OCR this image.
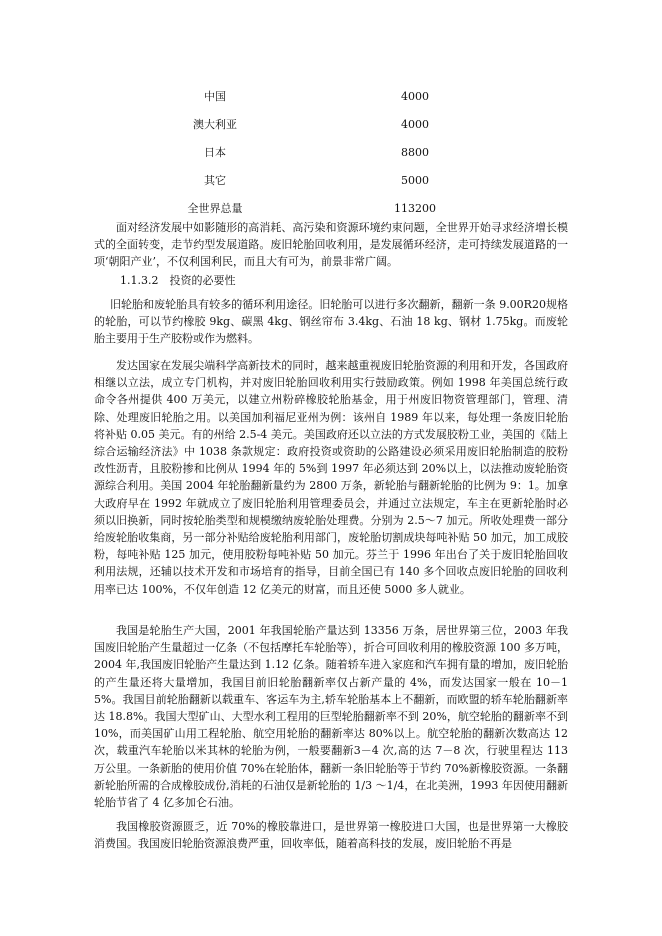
中国	4000
澳大利亚	4000
日本	8800
其它	5000
全世界总量	113200

面对经济发展中如影随形的高消耗、高污染和资源环境约束问题，全世界开始寻求经济增长模式的全面转变，走节约型发展道路。废旧轮胎回收利用，是发展循环经济，走可持续发展道路的一项‘朝阳产业’，不仅利国利民，而且大有可为，前景非常广阔。

1.1.3.2　投资的必要性

旧轮胎和废轮胎具有较多的循环利用途径。旧轮胎可以进行多次翻新，翻新一条 9.00R20规格的轮胎，可以节约橡胶 9kg、碳黑 4kg、钢丝帘布 3.4kg、石油 18 kg、钢材 1.75kg。而废轮胎主要用于生产胶粉或作为燃料。

发达国家在发展尖端科学高新技术的同时，越来越重视废旧轮胎资源的利用和开发，各国政府相继以立法，成立专门机构，并对废旧轮胎回收利用实行鼓励政策。例如 1998 年美国总统行政命令各州提供 400 万美元，以建立州粉碎橡胶轮胎基金，用于州废旧物资管理部门，管理、清除、处理废旧轮胎之用。以美国加利福尼亚州为例：该州自 1989 年以来，每处理一条废旧轮胎将补贴 0.05 美元。有的州给 2.5-4 美元。美国政府还以立法的方式发展胶粉工业，美国的《陆上综合运输经济法》中 1038 条款规定：政府投资或资助的公路建设必须采用废旧轮胎制造的胶粉改性沥青，且胶粉掺和比例从 1994 年的 5%到 1997 年必须达到 20%以上，以法推动废轮胎资源综合利用。美国 2004 年轮胎翻新量约为 2800 万条，新轮胎与翻新轮胎的比例为 9：1。加拿大政府早在 1992 年就成立了废旧轮胎利用管理委员会，并通过立法规定，车主在更新轮胎时必须以旧换新，同时按轮胎类型和规模缴纳废轮胎处理费。分别为 2.5～7 加元。所收处理费一部分给废轮胎收集商，另一部分补贴给废轮胎利用部门，废轮胎切割成块每吨补贴 50 加元，加工成胶粉，每吨补贴 125 加元，使用胶粉每吨补贴 50 加元。芬兰于 1996 年出台了关于废旧轮胎回收利用法规，还辅以技术开发和市场培育的指导，目前全国已有 140 多个回收点废旧轮胎的回收利用率已达 100%，不仅年创造 12 亿美元的财富，而且还使 5000 多人就业。

我国是轮胎生产大国，2001 年我国轮胎产量达到 13356 万条，居世界第三位，2003 年我国废旧轮胎产生量超过一亿条（不包括摩托车轮胎等），折合可回收利用的橡胶资源 100 多万吨，2004 年,我国废旧轮胎产生量达到 1.12 亿条。随着轿车进入家庭和汽车拥有量的增加，废旧轮胎的产生量还将大量增加，我国目前旧轮胎翻新率仅占新产量的 4%，而发达国家一般在 10－15%。我国目前轮胎翻新以载重车、客运车为主,轿车轮胎基本上不翻新，而欧盟的轿车轮胎翻新率达 18.8%。我国大型矿山、大型水利工程用的巨型轮胎翻新率不到 20%，航空轮胎的翻新率不到 10%，而美国矿山用工程轮胎、航空用轮胎的翻新率达 80%以上。航空轮胎的翻新次数高达 12 次，载重汽车轮胎以米其林的轮胎为例，一般要翻新3－4 次,高的达 7－8 次，行驶里程达 113 万公里。一条新胎的使用价值 70%在轮胎体，翻新一条旧轮胎等于节约 70%新橡胶资源。一条翻新轮胎所需的合成橡胶成份,消耗的石油仅是新轮胎的 1/3 ～1/4，在北美洲，1993 年因使用翻新轮胎节省了 4 亿多加仑石油。

我国橡胶资源匮乏，近 70%的橡胶靠进口，是世界第一橡胶进口大国，也是世界第一大橡胶消费国。我国废旧轮胎资源浪费严重，回收率低，随着高科技的发展，废旧轮胎不再是
